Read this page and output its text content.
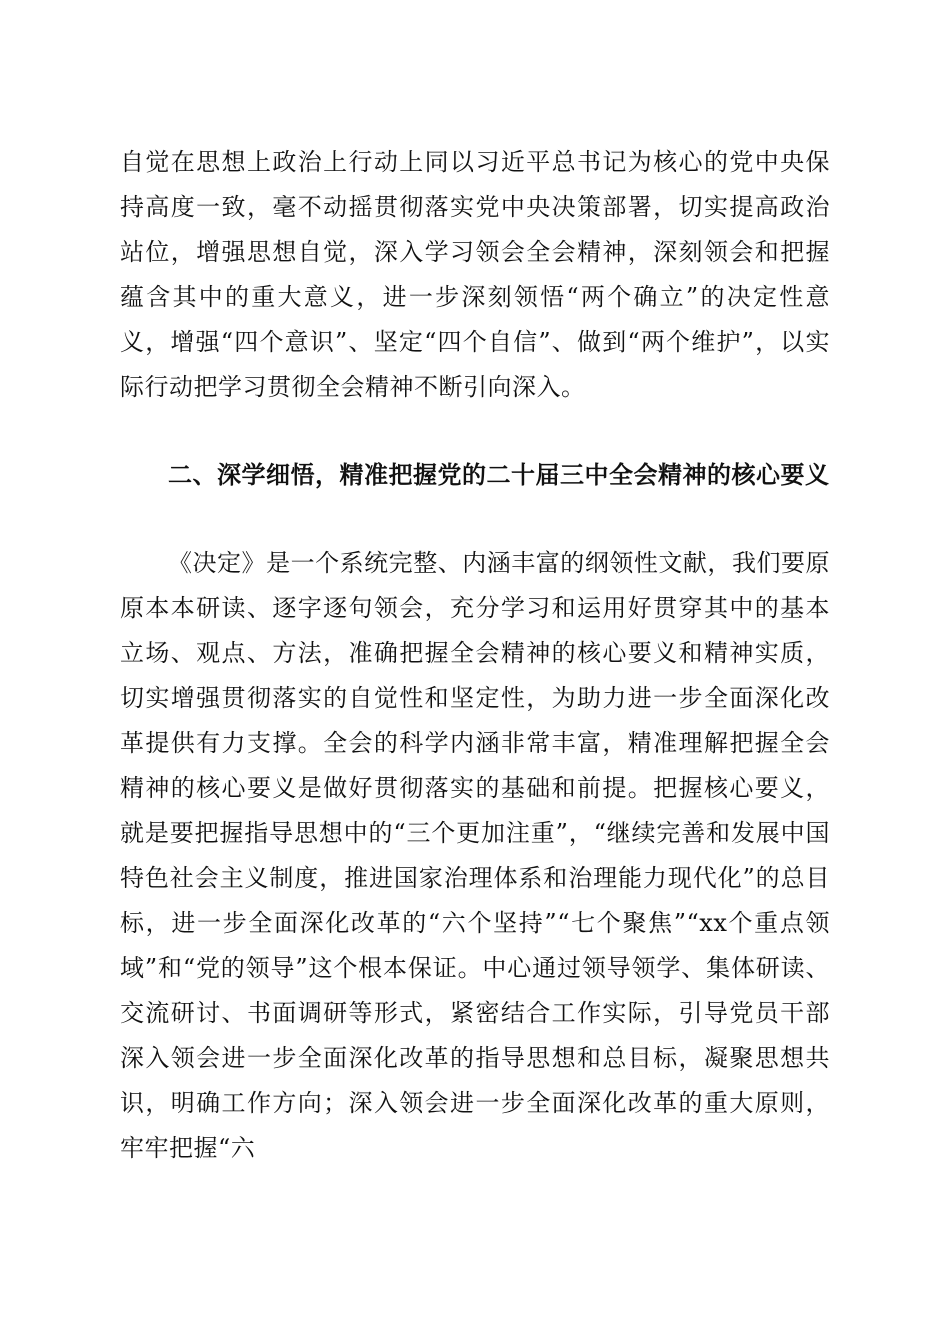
自觉在思想上政治上行动上同以习近平总书记为核心的党中央保持高度一致，毫不动摇贯彻落实党中央决策部署，切实提高政治站位，增强思想自觉，深入学习领会全会精神，深刻领会和把握蕴含其中的重大意义，进一步深刻领悟“两个确立”的决定性意义，增强“四个意识”、坚定“四个自信”、做到“两个维护”，以实际行动把学习贯彻全会精神不断引向深入。
二、深学细悟，精准把握党的二十届三中全会精神的核心要义
《决定》是一个系统完整、内涵丰富的纲领性文献，我们要原原本本研读、逐字逐句领会，充分学习和运用好贯穿其中的基本立场、观点、方法，准确把握全会精神的核心要义和精神实质，切实增强贯彻落实的自觉性和坚定性，为助力进一步全面深化改革提供有力支撑。全会的科学内涵非常丰富，精准理解把握全会精神的核心要义是做好贯彻落实的基础和前提。把握核心要义，就是要把握指导思想中的“三个更加注重”，“继续完善和发展中国特色社会主义制度，推进国家治理体系和治理能力现代化”的总目标，进一步全面深化改革的“六个坚持”“七个聚焦”“xx个重点领域”和“党的领导”这个根本保证。中心通过领导领学、集体研读、交流研讨、书面调研等形式，紧密结合工作实际，引导党员干部深入领会进一步全面深化改革的指导思想和总目标，凝聚思想共识，明确工作方向；深入领会进一步全面深化改革的重大原则，牢牢把握“六
